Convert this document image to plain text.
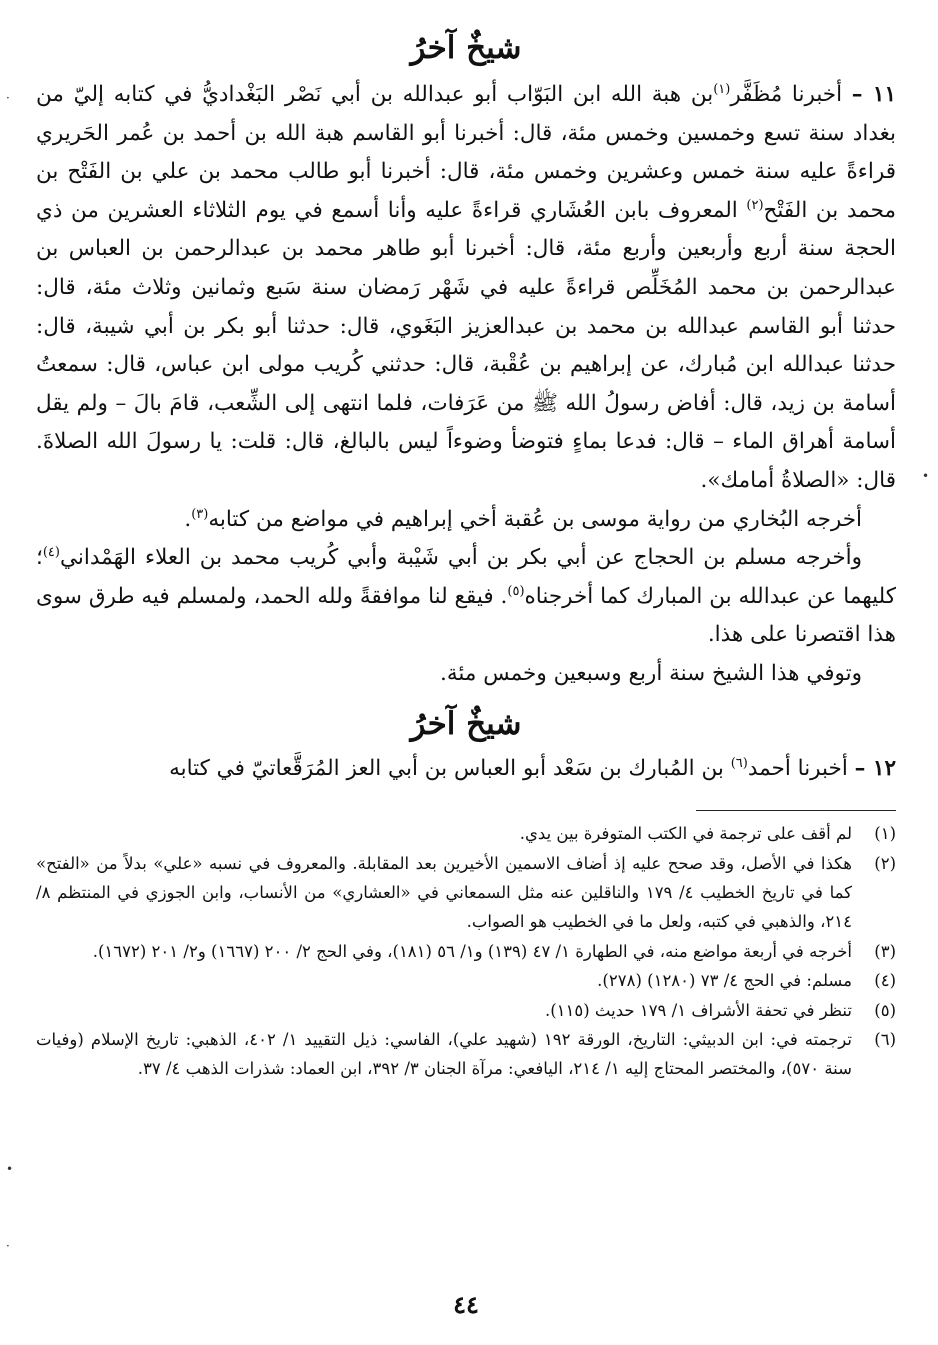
شيخٌ آخرُ

١١ – أخبرنا مُظَفَّر$^{(١)}$بن هبة الله ابن البَوّاب أبو عبدالله بن أبي نَصْر البَغْداديُّ في كتابه إليّ من بغداد سنة تسع وخمسين وخمس مئة، قال: أخبرنا أبو القاسم هبة الله بن أحمد بن عُمر الحَريري قراءةً عليه سنة خمس وعشرين وخمس مئة، قال: أخبرنا أبو طالب محمد بن علي بن الفَتْح بن محمد بن الفَتْح$^{(٢)}$ المعروف بابن العُشَاري قراءةً عليه وأنا أسمع في يوم الثلاثاء العشرين من ذي الحجة سنة أربع وأربعين وأربع مئة، قال: أخبرنا أبو طاهر محمد بن عبدالرحمن بن العباس بن عبدالرحمن بن محمد المُخَلِّص قراءةً عليه في شَهْر رَمضان سنة سَبع وثمانين وثلاث مئة، قال: حدثنا أبو القاسم عبدالله بن محمد بن عبدالعزيز البَغَوي، قال: حدثنا أبو بكر بن أبي شيبة، قال: حدثنا عبدالله ابن مُبارك، عن إبراهيم بن عُقْبة، قال: حدثني كُريب مولى ابن عباس، قال: سمعتُ أسامة بن زيد، قال: أفاض رسولُ الله ﷺ من عَرَفات، فلما انتهى إلى الشِّعب، قامَ بالَ – ولم يقل أسامة أهراق الماء – قال: فدعا بماءٍ فتوضأ وضوءاً ليس بالبالغ، قال: قلت: يا رسولَ الله الصلاةَ. قال: «الصلاةُ أمامك».

أخرجه البُخاري من رواية موسى بن عُقبة أخي إبراهيم في مواضع من كتابه$^{(٣)}$.

وأخرجه مسلم بن الحجاج عن أبي بكر بن أبي شَيْبة وأبي كُريب محمد بن العلاء الهَمْداني$^{(٤)}$؛ كليهما عن عبدالله بن المبارك كما أخرجناه$^{(٥)}$. فيقع لنا موافقةً ولله الحمد، ولمسلم فيه طرق سوى هذا اقتصرنا على هذا.

وتوفي هذا الشيخ سنة أربع وسبعين وخمس مئة.

شيخٌ آخرُ

١٢ – أخبرنا أحمد$^{(٦)}$ بن المُبارك بن سَعْد أبو العباس بن أبي العز المُرَقَّعاتيّ في كتابه

(١)
لم أقف على ترجمة في الكتب المتوفرة بين يدي.
(٢)
هكذا في الأصل، وقد صحح عليه إذ أضاف الاسمين الأخيرين بعد المقابلة. والمعروف في نسبه «علي» بدلاً من «الفتح» كما في تاريخ الخطيب ٤/ ١٧٩ والناقلين عنه مثل السمعاني في «العشاري» من الأنساب، وابن الجوزي في المنتظم ٨/ ٢١٤، والذهبي في كتبه، ولعل ما في الخطيب هو الصواب.
(٣)
أخرجه في أربعة مواضع منه، في الطهارة ١/ ٤٧ (١٣٩) و١/ ٥٦ (١٨١)، وفي الحج ٢/ ٢٠٠ (١٦٦٧) و٢/ ٢٠١ (١٦٧٢).
(٤)
مسلم: في الحج ٤/ ٧٣ (١٢٨٠) (٢٧٨).
(٥)
تنظر في تحفة الأشراف ١/ ١٧٩ حديث (١١٥).
(٦)
ترجمته في: ابن الدبيثي: التاريخ، الورقة ١٩٢ (شهيد علي)، الفاسي: ذيل التقييد ١/ ٤٠٢، الذهبي: تاريخ الإسلام (وفيات سنة ٥٧٠)، والمختصر المحتاج إليه ١/ ٢١٤، اليافعي: مرآة الجنان ٣/ ٣٩٢، ابن العماد: شذرات الذهب ٤/ ٣٧.
٤٤
·
•
•
·
